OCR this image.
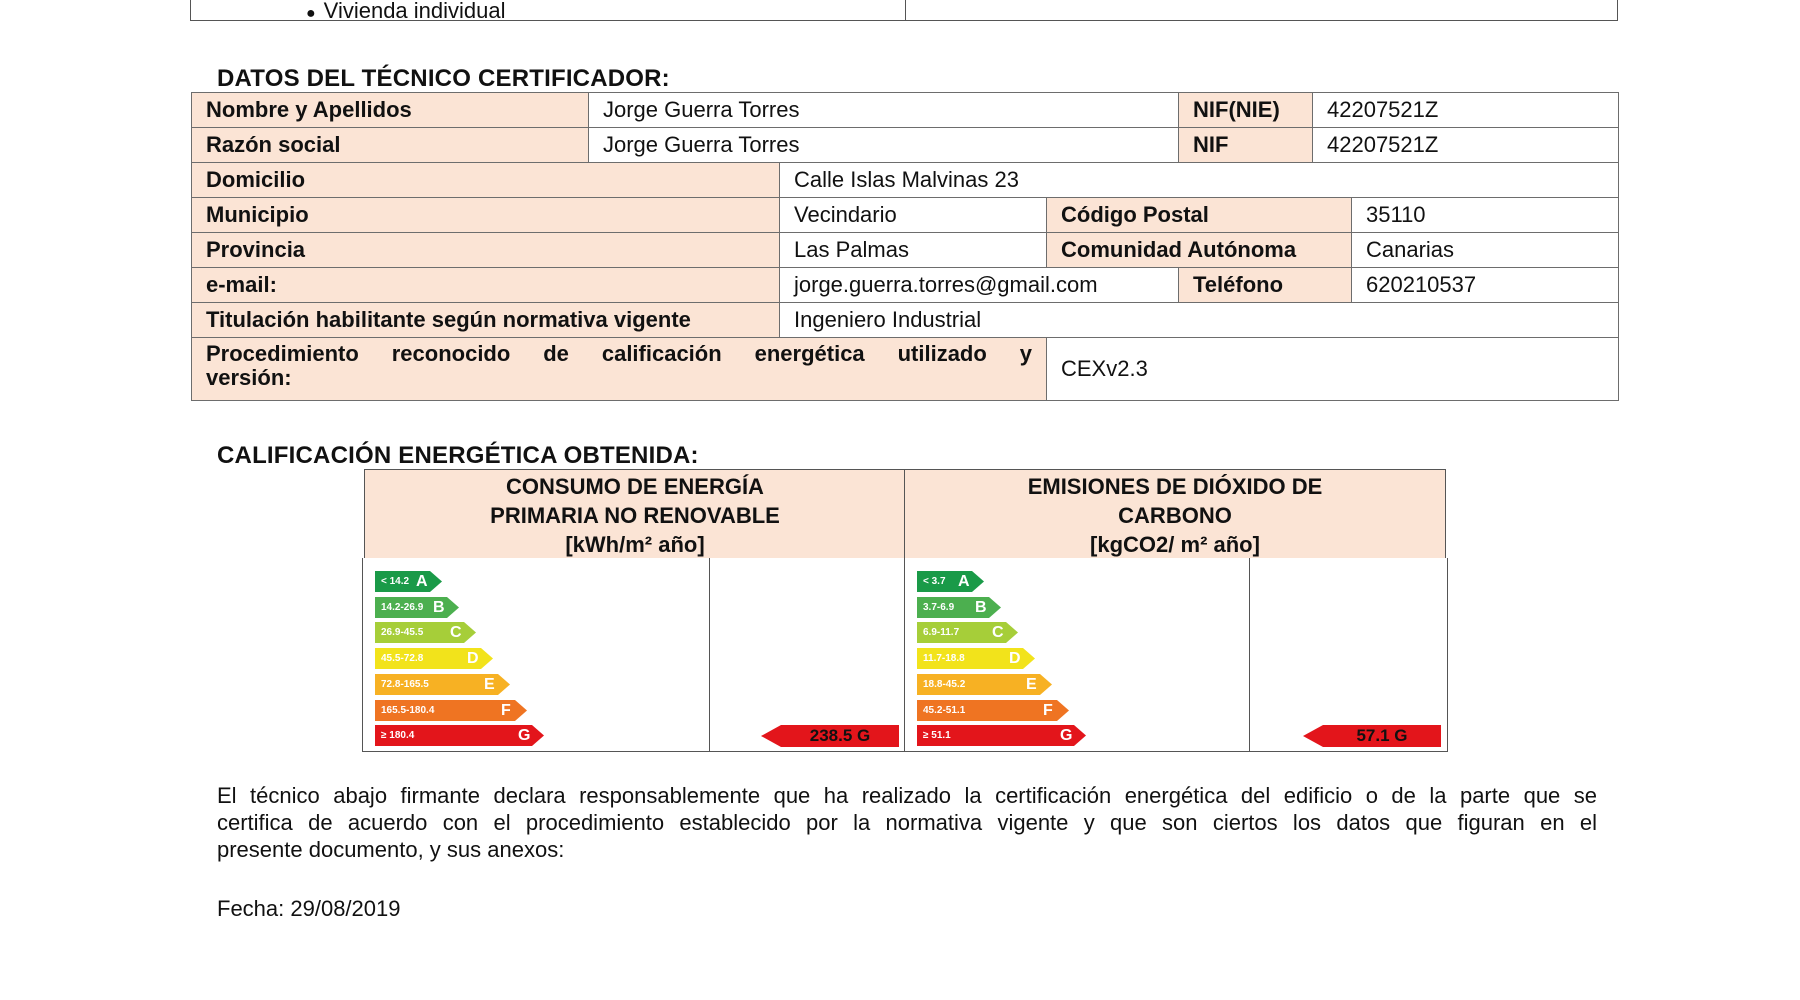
● Vivienda individual
DATOS DEL TÉCNICO CERTIFICADOR:
Nombre y Apellidos	Jorge Guerra Torres	NIF(NIE)	42207521Z
Razón social	Jorge Guerra Torres	NIF	42207521Z
Domicilio	Calle Islas Malvinas 23
Municipio	Vecindario	Código Postal	35110
Provincia	Las Palmas	Comunidad Autónoma	Canarias
e-mail:	jorge.guerra.torres@gmail.com	Teléfono	620210537
Titulación habilitante según normativa vigente	Ingeniero Industrial
Procedimiento reconocido de calificación energética utilizado y
versión:	CEXv2.3
CALIFICACIÓN ENERGÉTICA OBTENIDA:
CONSUMO DE ENERGÍA
PRIMARIA NO RENOVABLE
[kWh/m² año]
EMISIONES DE DIÓXIDO DE
CARBONO
[kgCO2/ m² año]
< 14.2 A
14.2-26.9 B
26.9-45.5 C
45.5-72.8	D
72.8-165.5	E
165.5-180.4	F
≥ 180.4	G	238.5 G
< 3.7 A
3.7-6.9 B
6.9-11.7 C
11.7-18.8	D
18.8-45.2	E
45.2-51.1	F
≥ 51.1	G	57.1 G
El técnico abajo firmante declara responsablemente que ha realizado la certificación energética del edificio o de la parte que se
certifica de acuerdo con el procedimiento establecido por la normativa vigente y que son ciertos los datos que figuran en el
presente documento, y sus anexos:
Fecha: 29/08/2019
